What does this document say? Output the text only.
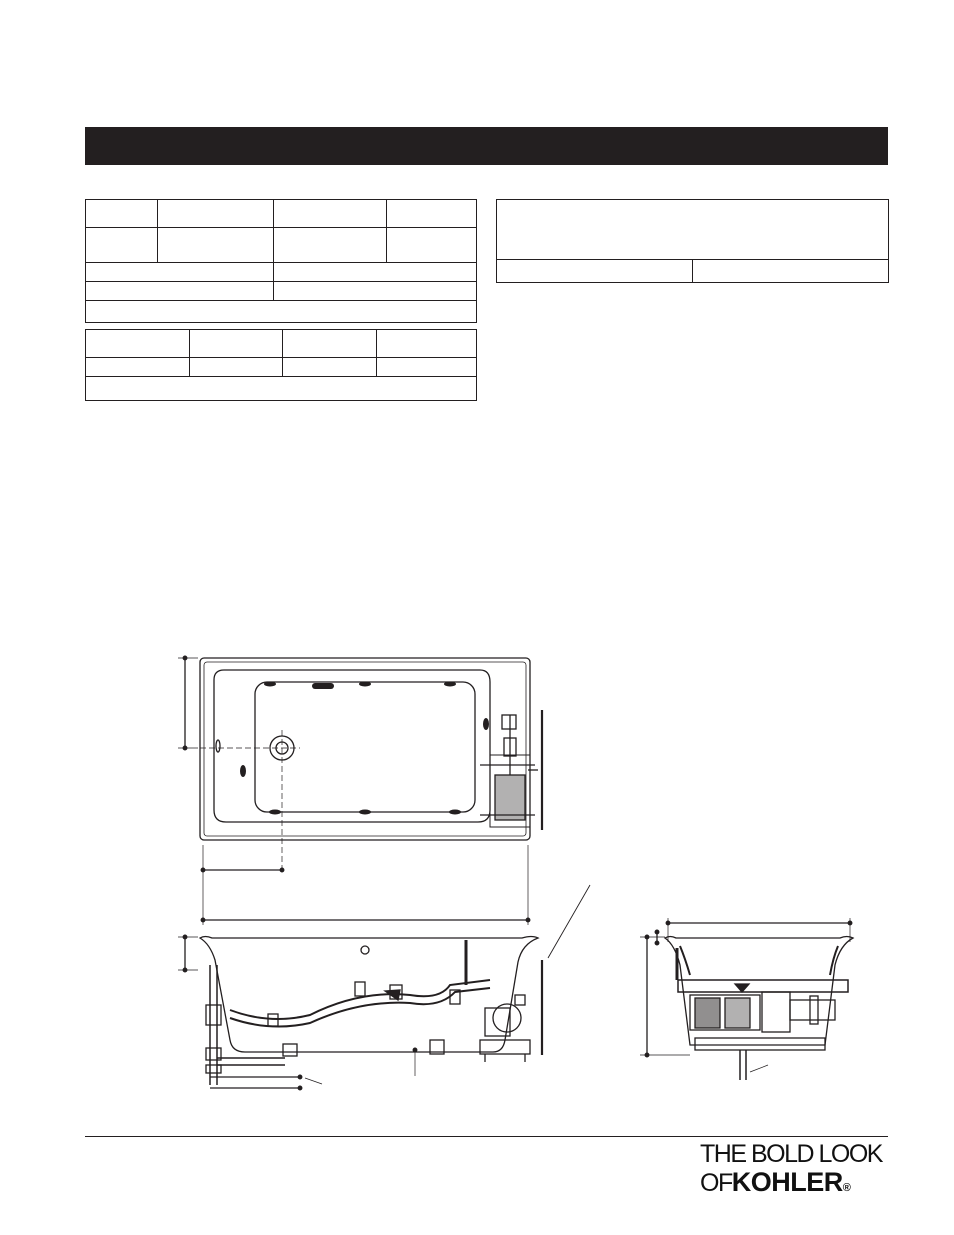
THE BOLD LOOK
OFKOHLER®
